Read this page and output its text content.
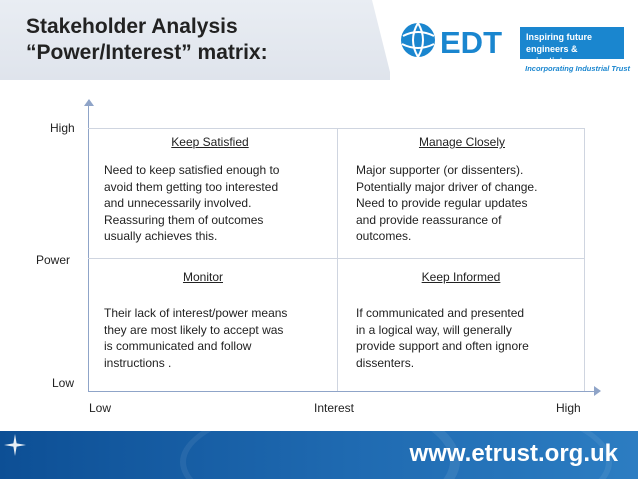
Stakeholder Analysis
“Power/Interest” matrix:	EDT	Inspiring future engineers & scientists
Incorporating Industrial Trust
High
Power
Low
Low	Interest	High
Keep Satisfied

Need to keep satisfied enough to
avoid them getting too interested
and unnecessarily involved.
Reassuring them of outcomes
usually achieves this.

Manage Closely

Major supporter (or dissenters).
Potentially major driver of change.
Need to provide regular updates
and provide reassurance of
outcomes.

Monitor

Their lack of interest/power means
they are most likely to accept was
is communicated and follow
instructions .

Keep Informed

If communicated and presented
in a logical way, will generally
provide support and often ignore
dissenters.

www.etrust.org.uk
